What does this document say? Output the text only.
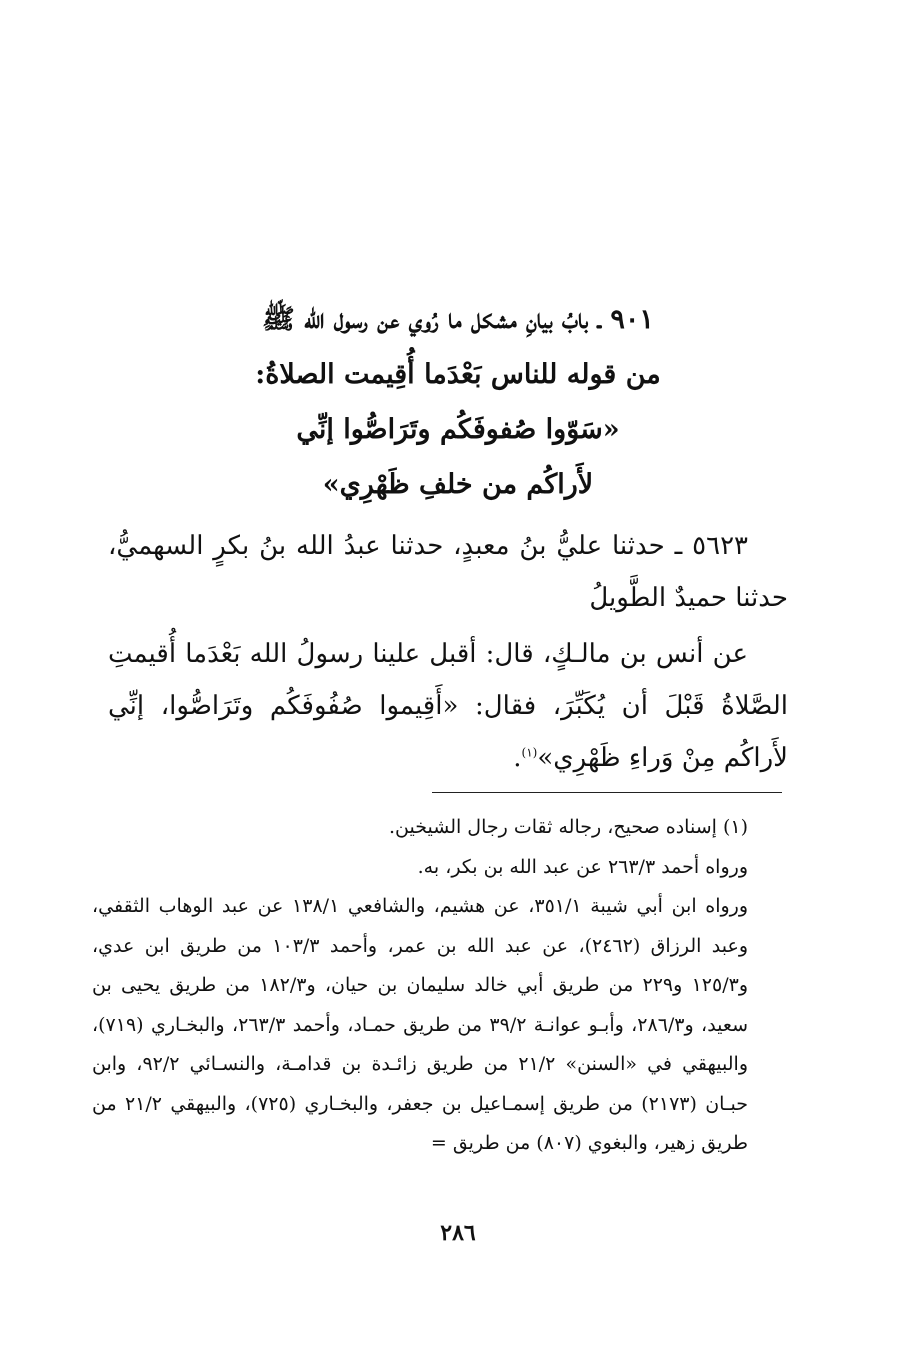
٩٠١ ـ بابُ بيانِ مشكل ما رُوي عن رسول الله ﷺ
من قوله للناس بَعْدَما أُقِيمت الصلاةُ:
«سَوّوا صُفوفَكُم وتَرَاصُّوا إنِّي
لأَراكُم من خلفِ ظَهْرِي»
٥٦٢٣ ـ حدثنا عليُّ بنُ معبدٍ، حدثنا عبدُ الله بنُ بكرٍ السهميُّ، حدثنا حميدٌ الطَّويلُ
عن أنس بن مالـكٍ، قال: أقبل علينا رسولُ الله بَعْدَما أُقيمتِ الصَّلاةُ قَبْلَ أن يُكَبِّرَ، فقال: «أَقِيموا صُفُوفَكُم وتَرَاصُّوا، إنِّي لأَراكُم مِنْ وَراءِ ظَهْرِي»$^{(١)}$.

(١) إسناده صحيح، رجاله ثقات رجال الشيخين.

ورواه أحمد ٢٦٣/٣ عن عبد الله بن بكر، به.

ورواه ابن أبي شيبة ٣٥١/١، عن هشيم، والشافعي ١٣٨/١ عن عبد الوهاب الثقفي، وعبد الرزاق (٢٤٦٢)، عن عبد الله بن عمر، وأحمد ١٠٣/٣ من طريق ابن عدي، و١٢٥/٣ و٢٢٩ من طريق أبي خالد سليمان بن حيان، و١٨٢/٣ من طريق يحيى بن سعيد، و٢٨٦/٣، وأبـو عوانـة ٣٩/٢ من طريق حمـاد، وأحمد ٢٦٣/٣، والبخـاري (٧١٩)، والبيهقي في «السنن» ٢١/٢ من طريق زائـدة بن قدامـة، والنسـائي ٩٢/٢، وابن حبـان (٢١٧٣) من طريق إسمـاعيل بن جعفر، والبخـاري (٧٢٥)، والبيهقي ٢١/٢ من طريق زهير، والبغوي (٨٠٧) من طريق =

٢٨٦
